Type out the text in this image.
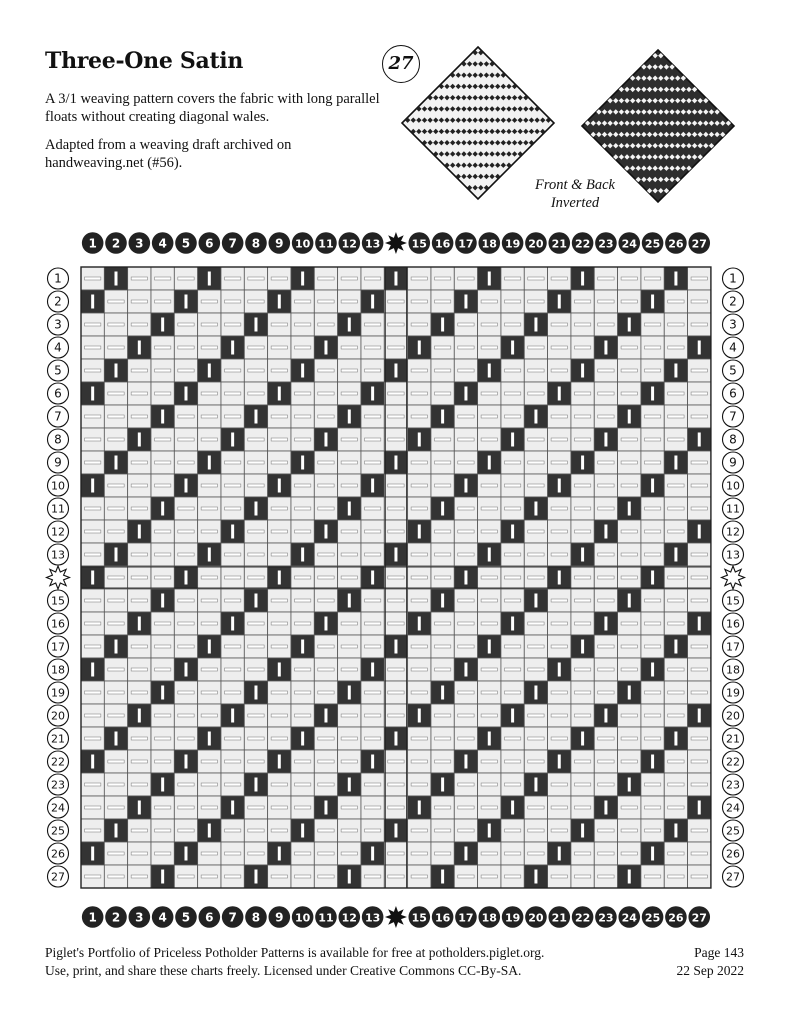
Three-One Satin

A 3/1 weaving pattern covers the fabric with long parallel floats without creating diagonal wales.

Adapted from a weaving draft archived on handweaving.net (#56).

27
Front & Back
Inverted
1 2 3 4 5 6 7 8 9 10 11 12 13	15 16 17 18 19 20 21 22 23 24 25 26 27
1 2 3 4 5 6 7 8 9 10 11 12 13	15 16 17 18 19 20 21 22 23 24 25 26 27
1
2
3
4
5
6
7
8
9
10
11
12
13
15
16
17
18
19
20
21
22
23
24
25
26
27
1
2
3
4
5
6
7
8
9
10
11
12
13
15
16
17
18
19
20
21
22
23
24
25
26
27
Piglet's Portfolio of Priceless Potholder Patterns is available for free at potholders.piglet.org.
Use, print, and share these charts freely. Licensed under Creative Commons CC-By-SA.
Page 143
22 Sep 2022
